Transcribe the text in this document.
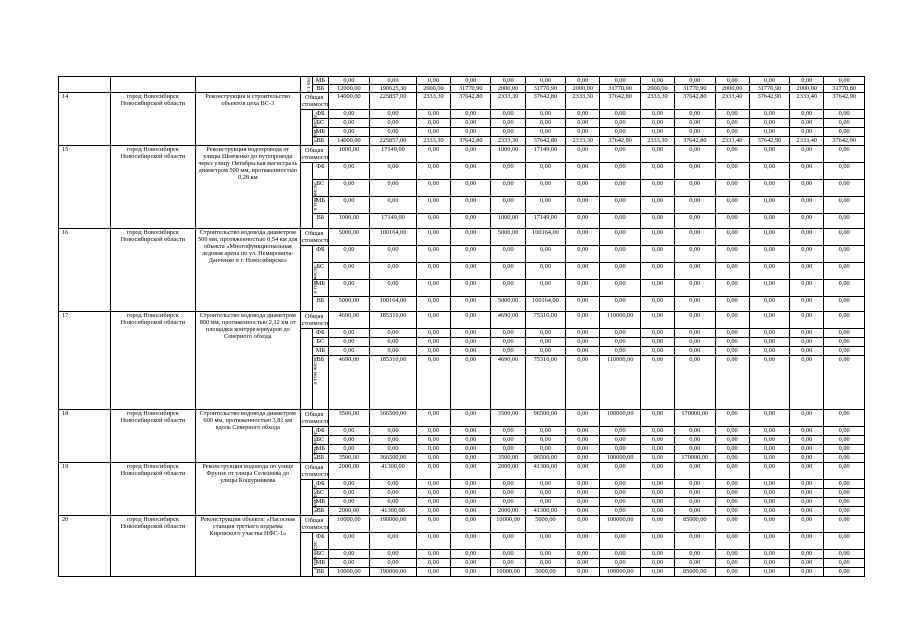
			в т чис	МБ	0,00	0,00	0,00	0,00	0,00	0,00	0,00	0,00	0,00	0,00	0,00	0,00	0,00	0,00
				ВБ	12000,00	190625,30	2000,00	31770,90	2000,00	31770,90	2000,00	31770,90	2000,00	31770,90	2000,00	31770,90	2000,00	31770,80
14	город Новосибирск Новосибирской области	Реконструкция и строительство объектов цеха ВС-3	Общая стоимость		14000,00	225857,00	2333,30	37642,80	2333,30	37642,80	2333,30	37642,80	2333,30	37642,80	2333,40	37642,90	2333,40	37642,90
			в том числе:	ФБ	0,00	0,00	0,00	0,00	0,00	0,00	0,00	0,00	0,00	0,00	0,00	0,00	0,00	0,00
				БС	0,00	0,00	0,00	0,00	0,00	0,00	0,00	0,00	0,00	0,00	0,00	0,00	0,00	0,00
				МБ	0,00	0,00	0,00	0,00	0,00	0,00	0,00	0,00	0,00	0,00	0,00	0,00	0,00	0,00
				ВБ	14000,00	225857,00	2333,30	37642,80	2333,30	37642,80	2333,30	37642,80	2333,30	37642,80	2333,40	37642,90	2333,40	37642,90
15	город Новосибирск Новосибирской области	Реконструкция водопровода от улицы Шевченко до путепровода через улицу Октябрьская магистраль диаметром 500 мм, протяженностью 0,28 км	Общая стоимость		1000,00	17149,00	0,00	0,00	1000,00	17149,00	0,00	0,00	0,00	0,00	0,00	0,00	0,00	0,00
			в том числе:	ФБ	0,00	0,00	0,00	0,00	0,00	0,00	0,00	0,00	0,00	0,00	0,00	0,00	0,00	0,00
				БС	0,00	0,00	0,00	0,00	0,00	0,00	0,00	0,00	0,00	0,00	0,00	0,00	0,00	0,00
				МБ	0,00	0,00	0,00	0,00	0,00	0,00	0,00	0,00	0,00	0,00	0,00	0,00	0,00	0,00
				ВБ	1000,00	17149,00	0,00	0,00	1000,00	17149,00	0,00	0,00	0,00	0,00	0,00	0,00	0,00	0,00
16	город Новосибирск Новосибирской области	Строительство водовода диаметром 500 мм, протяженностью 0,54 км для объекта «Многофункциональная ледовая арена по ул. Немировича-Данченко в г. Новосибирске»	Общая стоимость		5000,00	100164,00	0,00	0,00	5000,00	100164,00	0,00	0,00	0,00	0,00	0,00	0,00	0,00	0,00
			в том числе:	ФБ	0,00	0,00	0,00	0,00	0,00	0,00	0,00	0,00	0,00	0,00	0,00	0,00	0,00	0,00
				БС	0,00	0,00	0,00	0,00	0,00	0,00	0,00	0,00	0,00	0,00	0,00	0,00	0,00	0,00
				МБ	0,00	0,00	0,00	0,00	0,00	0,00	0,00	0,00	0,00	0,00	0,00	0,00	0,00	0,00
				ВБ	5000,00	100164,00	0,00	0,00	5000,00	100164,00	0,00	0,00	0,00	0,00	0,00	0,00	0,00	0,00
17	город Новосибирск Новосибирской области	Строительство водовода диаметром 800 мм, протяженностью 2,12 км от площадки контррезервуаров до Северного обхода	Общая стоимость		4690,00	185310,00	0,00	0,00	4690,00	75310,00	0,00	110000,00	0,00	0,00	0,00	0,00	0,00	0,00
			в том числе:	ФБ	0,00	0,00	0,00	0,00	0,00	0,00	0,00	0,00	0,00	0,00	0,00	0,00	0,00	0,00
				БС	0,00	0,00	0,00	0,00	0,00	0,00	0,00	0,00	0,00	0,00	0,00	0,00	0,00	0,00
				МБ	0,00	0,00	0,00	0,00	0,00	0,00	0,00	0,00	0,00	0,00	0,00	0,00	0,00	0,00
				ВБ	4690,00	185310,00	0,00	0,00	4690,00	75310,00	0,00	110000,00	0,00	0,00	0,00	0,00	0,00	0,00
18	город Новосибирск Новосибирской области	Строительство водовода диаметром 600 мм, протяженностью 3,81 км вдоль Северного обхода	Общая стоимость		3500,00	366500,00	0,00	0,00	3500,00	96500,00	0,00	100000,00	0,00	170000,00	0,00	0,00	0,00	0,00
			в том числе:	ФБ	0,00	0,00	0,00	0,00	0,00	0,00	0,00	0,00	0,00	0,00	0,00	0,00	0,00	0,00
				БС	0,00	0,00	0,00	0,00	0,00	0,00	0,00	0,00	0,00	0,00	0,00	0,00	0,00	0,00
				МБ	0,00	0,00	0,00	0,00	0,00	0,00	0,00	0,00	0,00	0,00	0,00	0,00	0,00	0,00
				ВБ	3500,00	366500,00	0,00	0,00	3500,00	96500,00	0,00	100000,00	0,00	170000,00	0,00	0,00	0,00	0,00
19	город Новосибирск Новосибирской области	Реконструкция водовода по улице Фрунзе от улицы Селезнева до улицы Кошурникова	Общая стоимость		2000,00	41300,00	0,00	0,00	2000,00	41300,00	0,00	0,00	0,00	0,00	0,00	0,00	0,00	0,00
			в том числе:	ФБ	0,00	0,00	0,00	0,00	0,00	0,00	0,00	0,00	0,00	0,00	0,00	0,00	0,00	0,00
				БС	0,00	0,00	0,00	0,00	0,00	0,00	0,00	0,00	0,00	0,00	0,00	0,00	0,00	0,00
				МБ	0,00	0,00	0,00	0,00	0,00	0,00	0,00	0,00	0,00	0,00	0,00	0,00	0,00	0,00
				ВБ	2000,00	41300,00	0,00	0,00	2000,00	41300,00	0,00	0,00	0,00	0,00	0,00	0,00	0,00	0,00
20	город Новосибирск Новосибирской области	Реконструкция объекта: «Насосная станция третьего подъема Кировского участка НФС-1»	Общая стоимость		10000,00	190000,00	0,00	0,00	10000,00	5000,00	0,00	100000,00	0,00	85000,00	0,00	0,00	0,00	0,00
			в том числе:	ФБ	0,00	0,00	0,00	0,00	0,00	0,00	0,00	0,00	0,00	0,00	0,00	0,00	0,00	0,00
				БС	0,00	0,00	0,00	0,00	0,00	0,00	0,00	0,00	0,00	0,00	0,00	0,00	0,00	0,00
				МБ	0,00	0,00	0,00	0,00	0,00	0,00	0,00	0,00	0,00	0,00	0,00	0,00	0,00	0,00
				ВБ	10000,00	190000,00	0,00	0,00	10000,00	5000,00	0,00	100000,00	0,00	85000,00	0,00	0,00	0,00	0,00
